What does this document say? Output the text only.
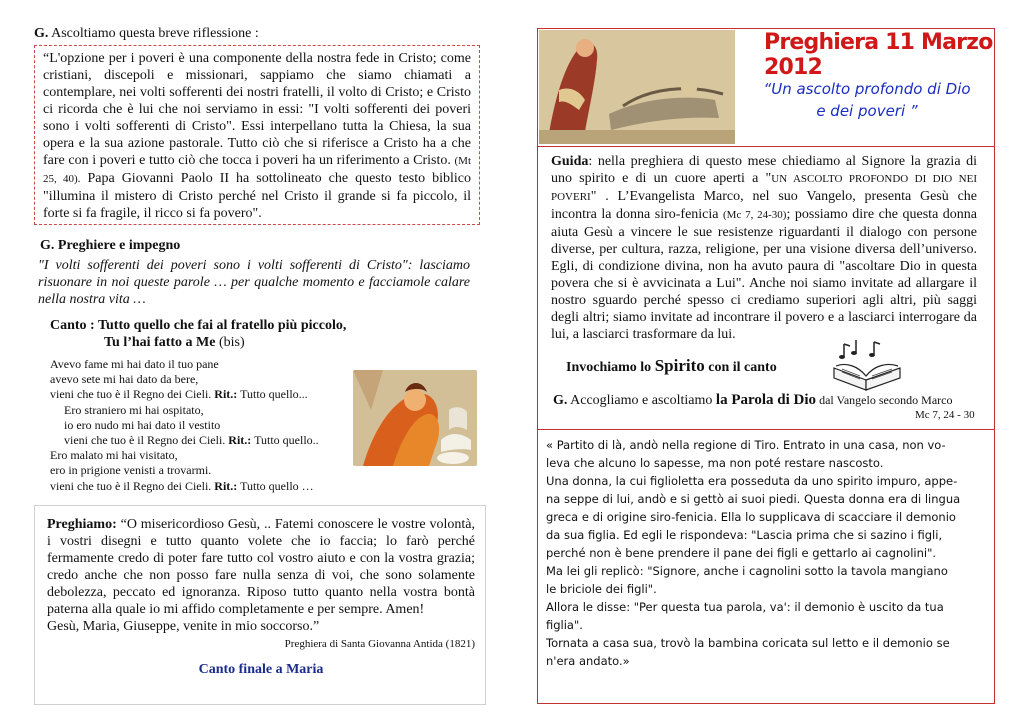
G. Ascoltiamo questa breve riflessione :
“L'opzione per i poveri è una componente della nostra fede in Cristo; come cristiani, discepoli e missionari, sappiamo che siamo chiamati a contemplare, nei volti sofferenti dei nostri fratelli, il volto di Cristo; e Cristo ci ricorda che è lui che noi serviamo in essi: "I volti sofferenti dei poveri sono i volti sofferenti di Cristo". Essi interpellano tutta la Chiesa, la sua opera e la sua azione pastorale. Tutto ciò che si riferisce a Cristo ha a che fare con i poveri e tutto ciò che tocca i poveri ha un riferimento a Cristo. (Mt 25, 40). Papa Giovanni Paolo II ha sottolineato che questo testo biblico "illumina il mistero di Cristo perché nel Cristo il grande si fa piccolo, il forte si fa fragile, il ricco si fa povero".
G. Preghiere e impegno
"I volti sofferenti dei poveri sono i volti sofferenti di Cristo": lasciamo risuonare in noi queste parole … per qualche momento e facciamole calare nella nostra vita …
Canto : Tutto quello che fai al fratello più piccolo,
Tu l’hai fatto a Me (bis)
Avevo fame mi hai dato il tuo pane
avevo sete mi hai dato da bere,
vieni che tuo è il Regno dei Cieli. Rit.: Tutto quello...
Ero straniero mi hai ospitato,
io ero nudo mi hai dato il vestito
vieni che tuo è il Regno dei Cieli. Rit.: Tutto quello..
Ero malato mi hai visitato,
ero in prigione venisti a trovarmi.
vieni che tuo è il Regno dei Cieli. Rit.: Tutto quello …
Preghiamo: “O misericordioso Gesù, .. Fatemi conoscere le vostre volontà, i vostri disegni e tutto quanto volete che io faccia; lo farò perché fermamente credo di poter fare tutto col vostro aiuto e con la vostra grazia; credo anche che non posso fare nulla senza di voi, che sono solamente debolezza, peccato ed ignoranza. Riposo tutto quanto nella vostra bontà paterna alla quale io mi affido completamente e per sempre. Amen!
Gesù, Maria, Giuseppe, venite in mio soccorso.”
Preghiera di Santa Giovanna Antida (1821)
Canto finale a Maria
Preghiera 11 Marzo 2012
“Un ascolto profondo di Dio
e dei poveri ”
Guida: nella preghiera di questo mese chiediamo al Signore la grazia di uno spirito e di un cuore aperti a "UN ASCOLTO PROFONDO DI DIO NEI POVERI" . L’Evangelista Marco, nel suo Vangelo, presenta Gesù che incontra la donna siro-fenicia (Mc 7, 24-30); possiamo dire che questa donna aiuta Gesù a vincere le sue resistenze riguardanti il dialogo con persone diverse, per cultura, razza, religione, per una visione diversa dell’universo. Egli, di condizione divina, non ha avuto paura di "ascoltare Dio in questa povera che si è avvicinata a Lui". Anche noi siamo invitate ad allargare il nostro sguardo perché spesso ci crediamo superiori agli altri, più saggi degli altri; siamo invitate ad incontrare il povero e a lasciarci interrogare da lui, a lasciarci trasformare da lui.
Invochiamo lo Spirito con il canto
G. Accogliamo e ascoltiamo la Parola di Dio dal Vangelo secondo Marco
Mc 7, 24 - 30
« Partito di là, andò nella regione di Tiro. Entrato in una casa, non vo-
leva che alcuno lo sapesse, ma non poté restare nascosto.
Una donna, la cui figlioletta era posseduta da uno spirito impuro, appe-
na seppe di lui, andò e si gettò ai suoi piedi. Questa donna era di lingua
greca e di origine siro-fenicia. Ella lo supplicava di scacciare il demonio
da sua figlia. Ed egli le rispondeva: "Lascia prima che si sazino i figli,
perché non è bene prendere il pane dei figli e gettarlo ai cagnolini".
Ma lei gli replicò: "Signore, anche i cagnolini sotto la tavola mangiano
le briciole dei figli".
Allora le disse: "Per questa tua parola, va': il demonio è uscito da tua
figlia".
Tornata a casa sua, trovò la bambina coricata sul letto e il demonio se
n'era andato.»
